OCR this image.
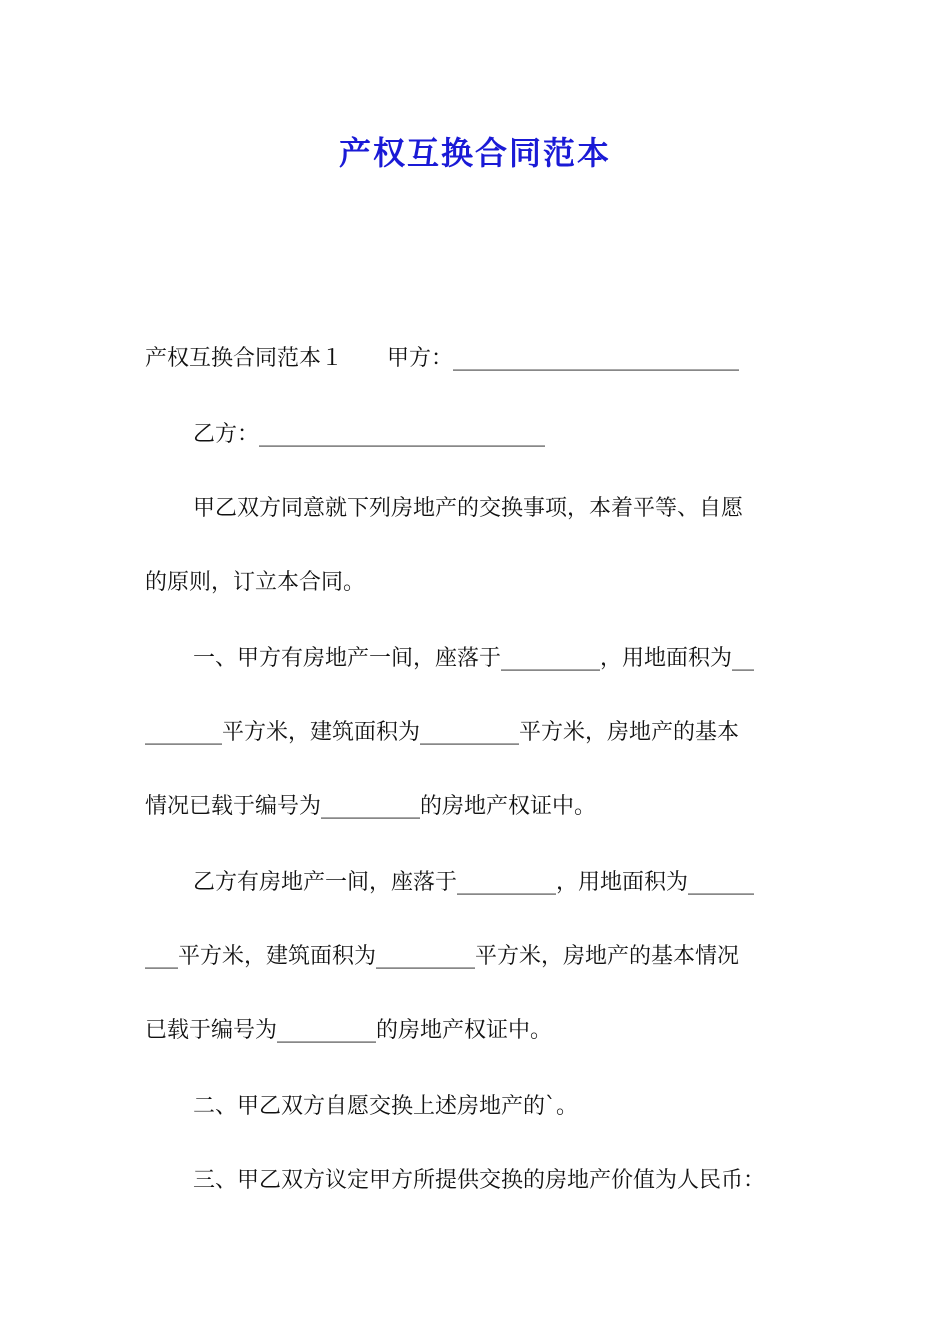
产权互换合同范本

产权互换合同范本１　　甲方：__________________________

乙方：__________________________

甲乙双方同意就下列房地产的交换事项，本着平等、自愿

的原则，订立本合同。

一、甲方有房地产一间，座落于_________，用地面积为__

_______平方米，建筑面积为_________平方米，房地产的基本

情况已载于编号为_________的房地产权证中。

乙方有房地产一间，座落于_________，用地面积为______

___平方米，建筑面积为_________平方米，房地产的基本情况

已载于编号为_________的房地产权证中。

二、甲乙双方自愿交换上述房地产的`。

三、甲乙双方议定甲方所提供交换的房地产价值为人民币：
